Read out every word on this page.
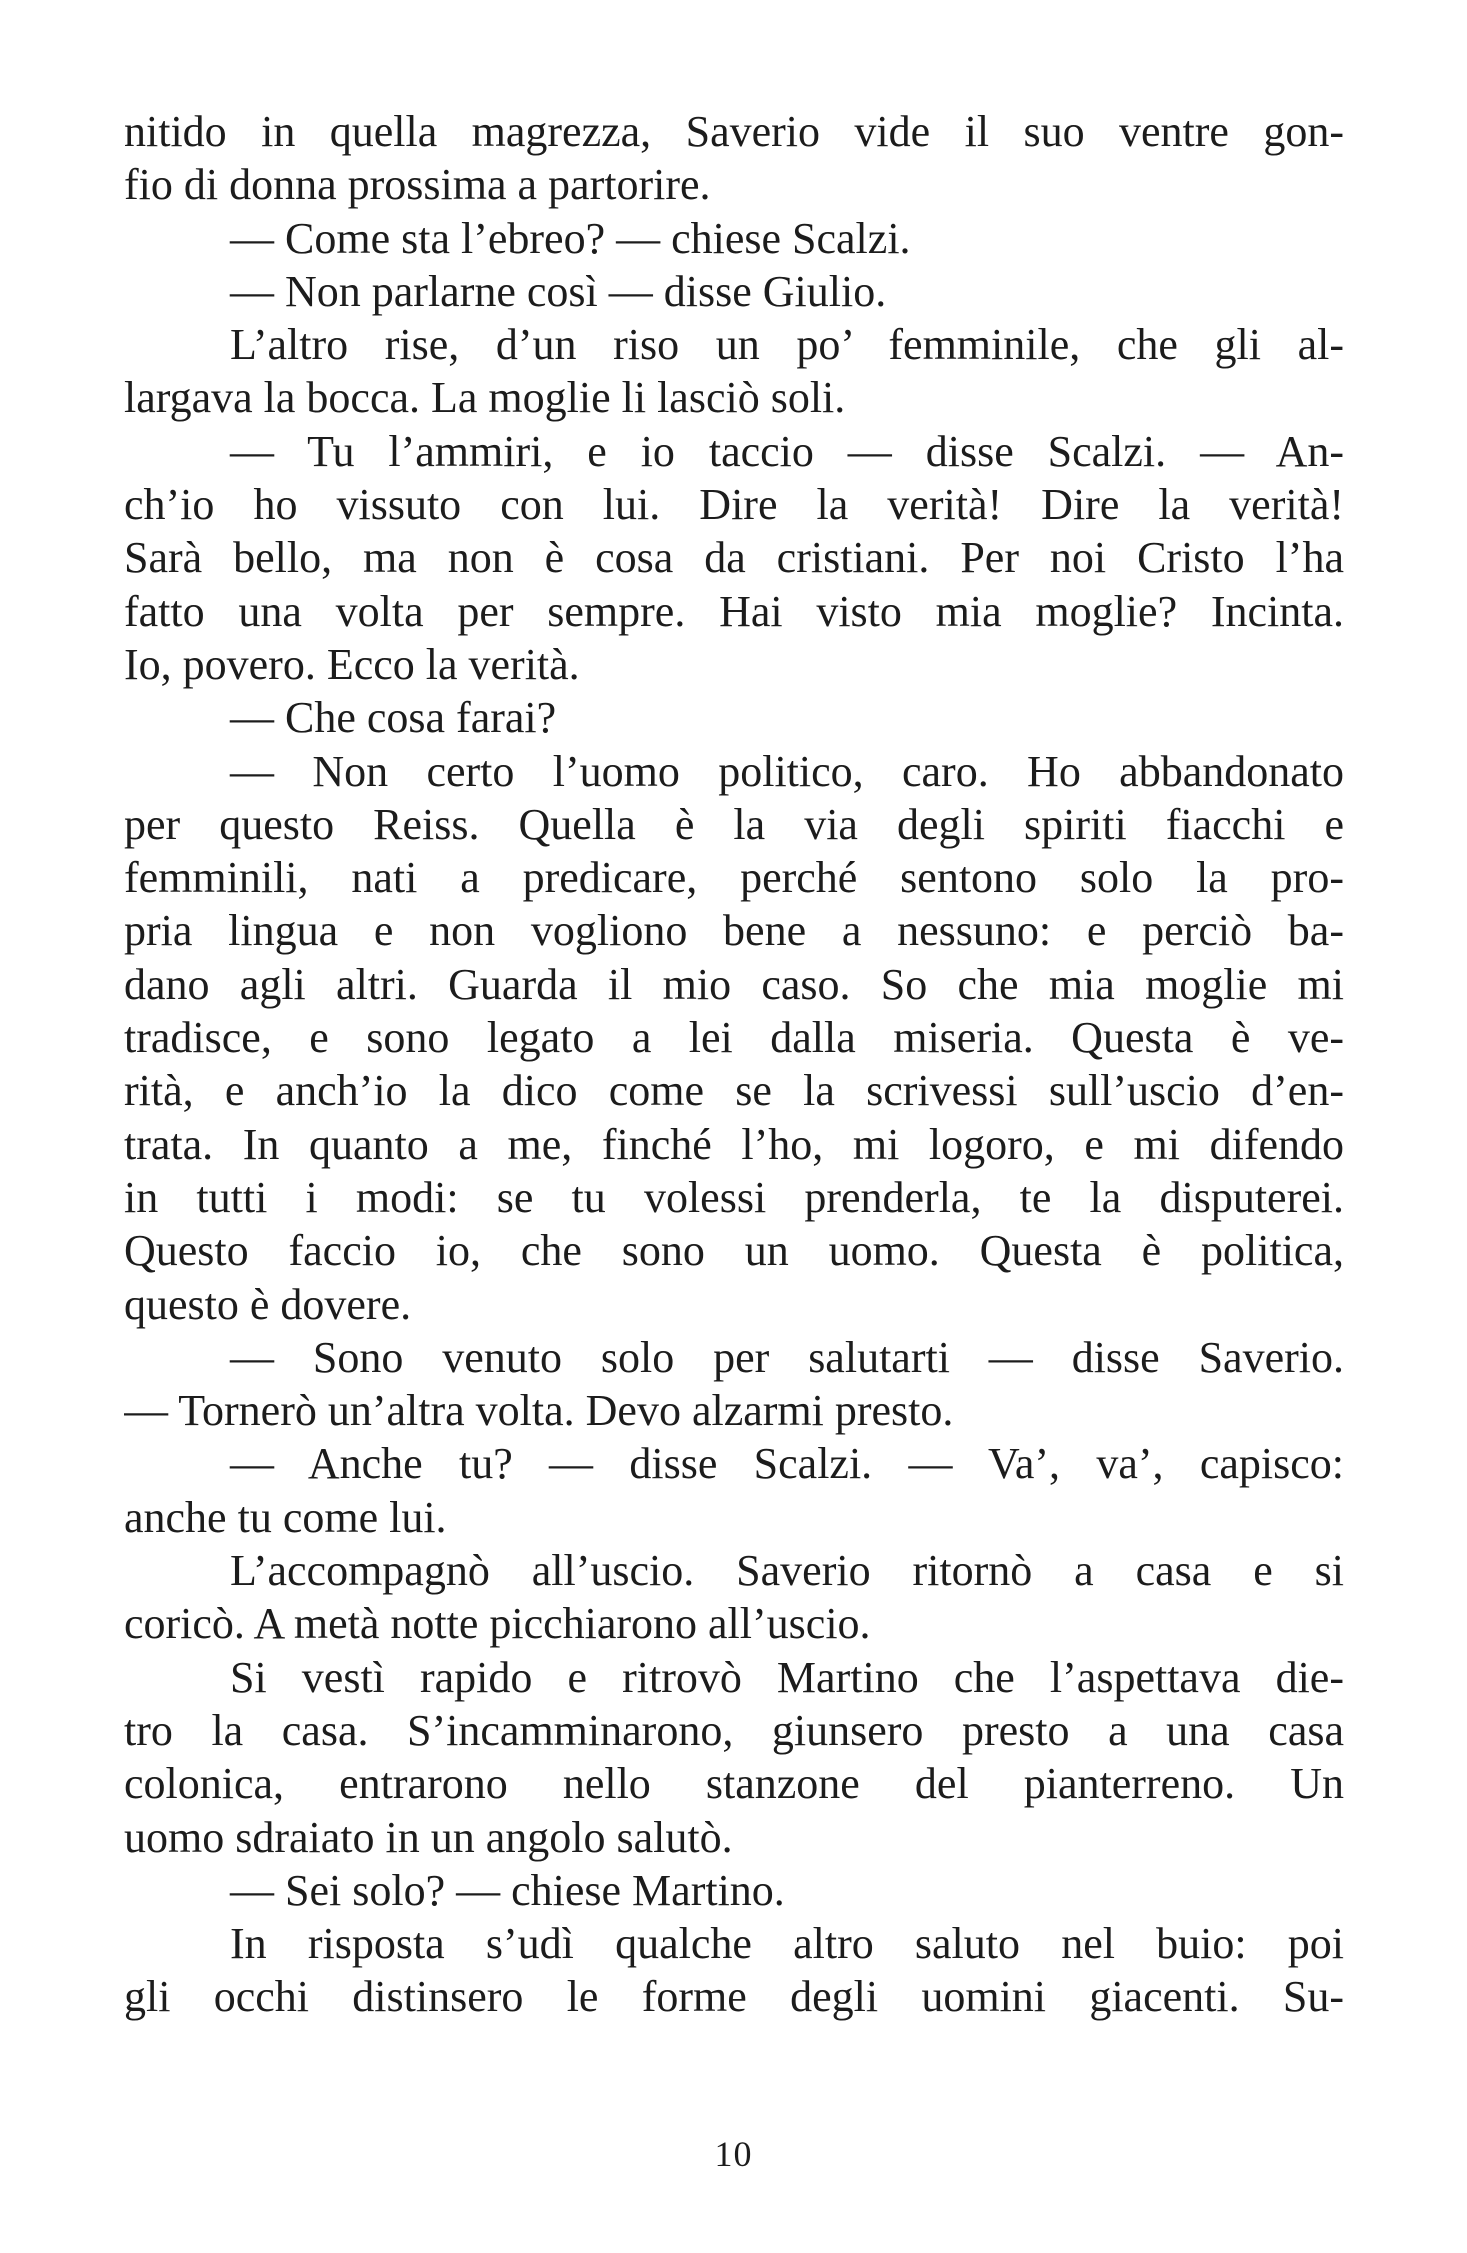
nitido in quella magrezza, Saverio vide il suo ventre gon-
fio di donna prossima a partorire.
— Come sta l’ebreo? — chiese Scalzi.
— Non parlarne così — disse Giulio.
L’altro rise, d’un riso un po’ femminile, che gli al-
largava la bocca. La moglie li lasciò soli.
— Tu l’ammiri, e io taccio — disse Scalzi. — An-
ch’io ho vissuto con lui. Dire la verità! Dire la verità!
Sarà bello, ma non è cosa da cristiani. Per noi Cristo l’ha
fatto una volta per sempre. Hai visto mia moglie? Incinta.
Io, povero. Ecco la verità.
— Che cosa farai?
— Non certo l’uomo politico, caro. Ho abbandonato
per questo Reiss. Quella è la via degli spiriti fiacchi e
femminili, nati a predicare, perché sentono solo la pro-
pria lingua e non vogliono bene a nessuno: e perciò ba-
dano agli altri. Guarda il mio caso. So che mia moglie mi
tradisce, e sono legato a lei dalla miseria. Questa è ve-
rità, e anch’io la dico come se la scrivessi sull’uscio d’en-
trata. In quanto a me, finché l’ho, mi logoro, e mi difendo
in tutti i modi: se tu volessi prenderla, te la disputerei.
Questo faccio io, che sono un uomo. Questa è politica,
questo è dovere.
— Sono venuto solo per salutarti — disse Saverio.
— Tornerò un’altra volta. Devo alzarmi presto.
— Anche tu? — disse Scalzi. — Va’, va’, capisco:
anche tu come lui.
L’accompagnò all’uscio. Saverio ritornò a casa e si
coricò. A metà notte picchiarono all’uscio.
Si vestì rapido e ritrovò Martino che l’aspettava die-
tro la casa. S’incamminarono, giunsero presto a una casa
colonica, entrarono nello stanzone del pianterreno. Un
uomo sdraiato in un angolo salutò.
— Sei solo? — chiese Martino.
In risposta s’udì qualche altro saluto nel buio: poi
gli occhi distinsero le forme degli uomini giacenti. Su-
10
